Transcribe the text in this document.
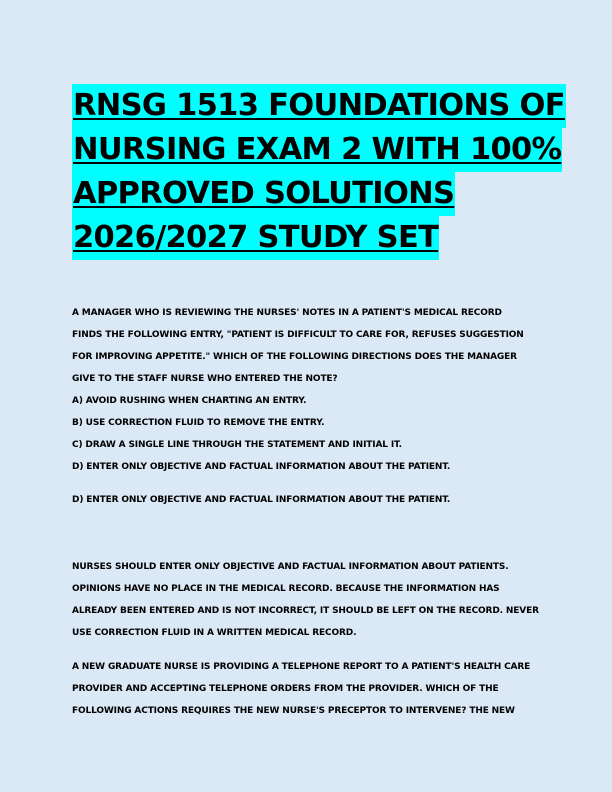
RNSG 1513 FOUNDATIONS OF
NURSING EXAM 2 WITH 100%
APPROVED SOLUTIONS
2026/2027 STUDY SET
A MANAGER WHO IS REVIEWING THE NURSES' NOTES IN A PATIENT'S MEDICAL RECORD
FINDS THE FOLLOWING ENTRY, "PATIENT IS DIFFICULT TO CARE FOR, REFUSES SUGGESTION
FOR IMPROVING APPETITE." WHICH OF THE FOLLOWING DIRECTIONS DOES THE MANAGER
GIVE TO THE STAFF NURSE WHO ENTERED THE NOTE?
A) AVOID RUSHING WHEN CHARTING AN ENTRY.
B) USE CORRECTION FLUID TO REMOVE THE ENTRY.
C) DRAW A SINGLE LINE THROUGH THE STATEMENT AND INITIAL IT.
D) ENTER ONLY OBJECTIVE AND FACTUAL INFORMATION ABOUT THE PATIENT.
D) ENTER ONLY OBJECTIVE AND FACTUAL INFORMATION ABOUT THE PATIENT.
NURSES SHOULD ENTER ONLY OBJECTIVE AND FACTUAL INFORMATION ABOUT PATIENTS.
OPINIONS HAVE NO PLACE IN THE MEDICAL RECORD. BECAUSE THE INFORMATION HAS
ALREADY BEEN ENTERED AND IS NOT INCORRECT, IT SHOULD BE LEFT ON THE RECORD. NEVER
USE CORRECTION FLUID IN A WRITTEN MEDICAL RECORD.
A NEW GRADUATE NURSE IS PROVIDING A TELEPHONE REPORT TO A PATIENT'S HEALTH CARE
PROVIDER AND ACCEPTING TELEPHONE ORDERS FROM THE PROVIDER. WHICH OF THE
FOLLOWING ACTIONS REQUIRES THE NEW NURSE'S PRECEPTOR TO INTERVENE? THE NEW
